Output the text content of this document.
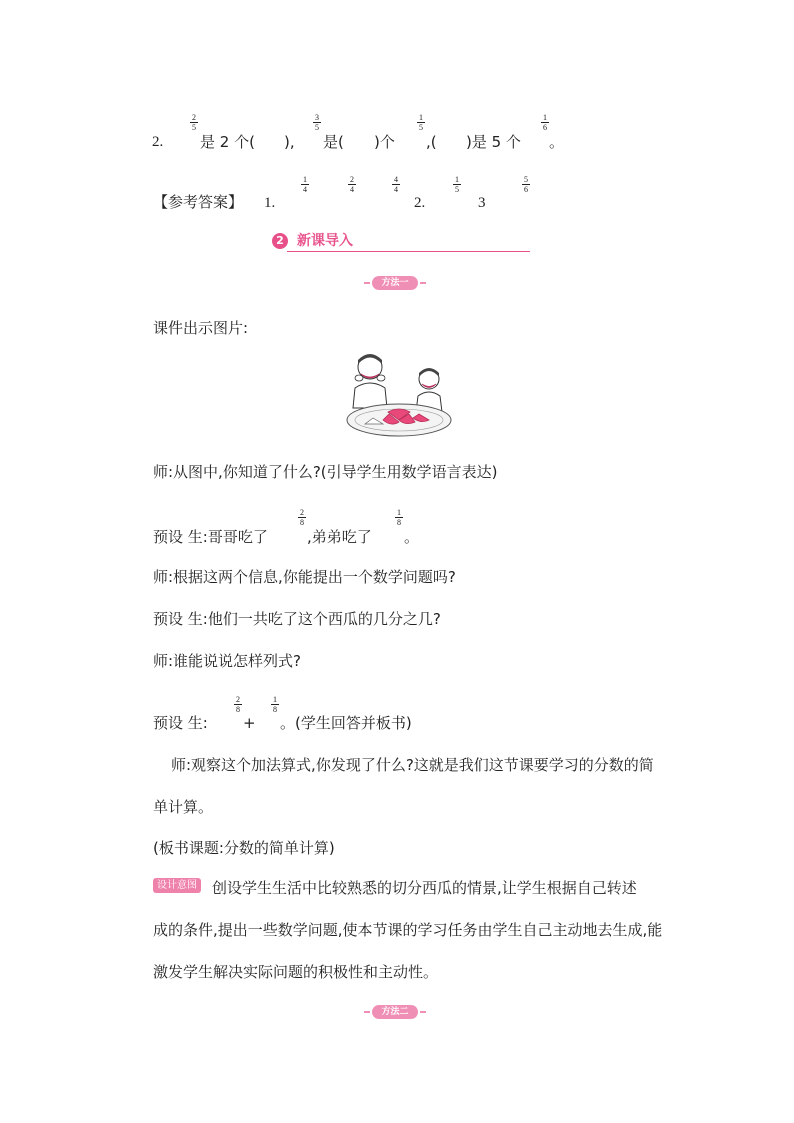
2.
2
5
是 2 个( ),
3
5
是( )个
1
5
,( )是 5 个
1
6
。
【参考答案】 1.
1
4
2
4
4
4
2.
1
5
3
5
6
2 新课导入
方法一
课件出示图片:
师:从图中,你知道了什么?(引导学生用数学语言表达)
预设 生:哥哥吃了
2
8
,弟弟吃了
1
8
。
师:根据这两个信息,你能提出一个数学问题吗?
预设 生:他们一共吃了这个西瓜的几分之几?
师:谁能说说怎样列式?
预设 生:
2
8
+
1
8
。(学生回答并板书)
师:观察这个加法算式,你发现了什么?这就是我们这节课要学习的分数的简
单计算。
(板书课题:分数的简单计算)
设计意图 创设学生生活中比较熟悉的切分西瓜的情景,让学生根据自己转述
成的条件,提出一些数学问题,使本节课的学习任务由学生自己主动地去生成,能
激发学生解决实际问题的积极性和主动性。
方法二
